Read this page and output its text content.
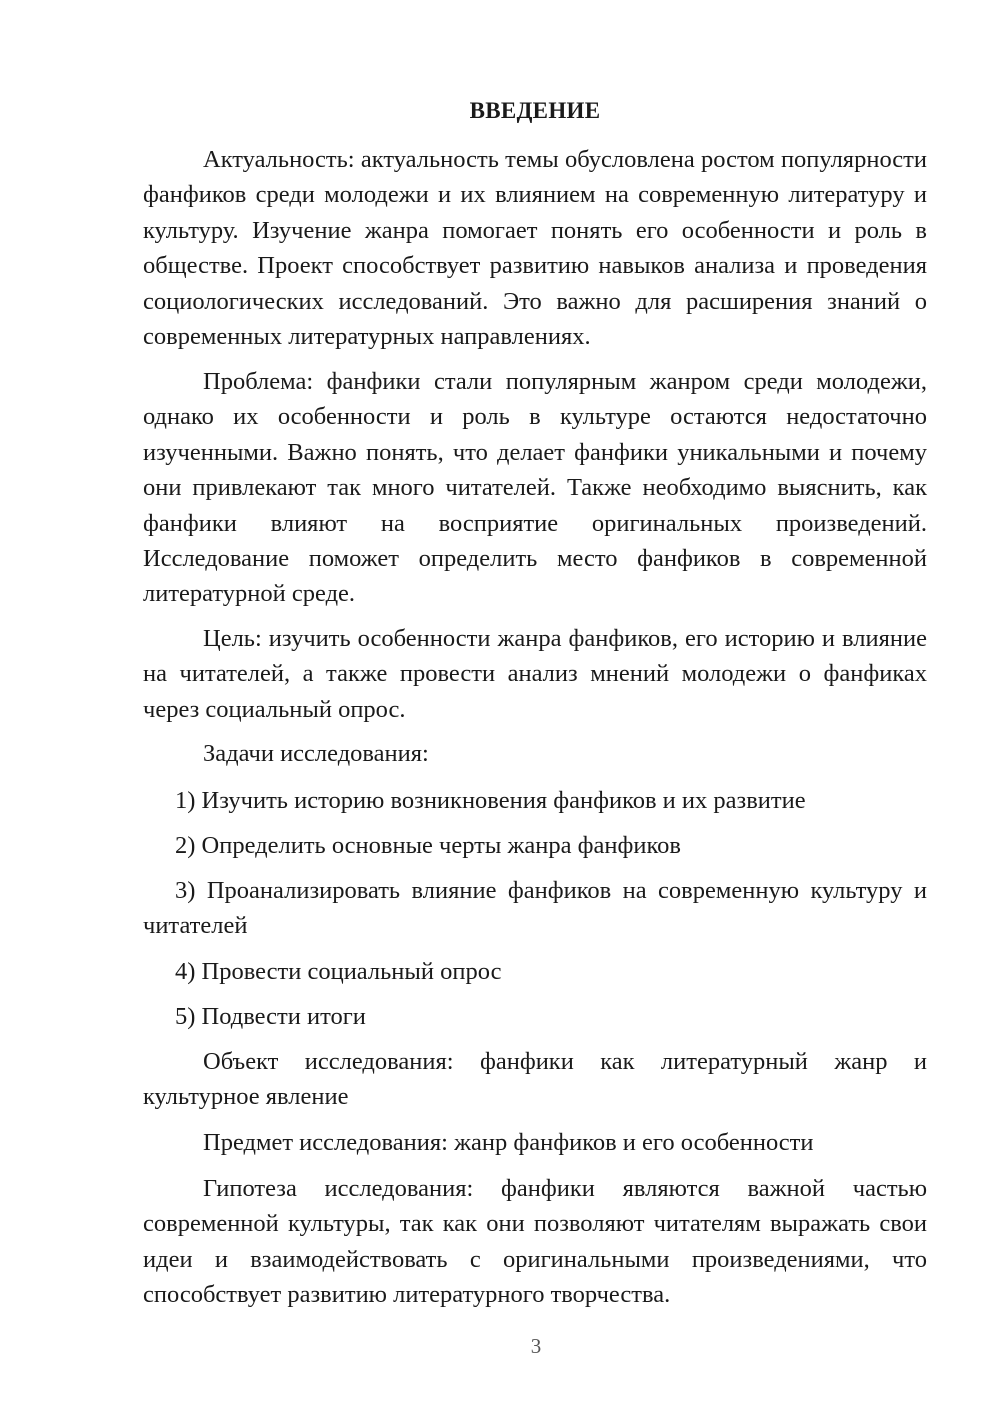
ВВЕДЕНИЕ

Актуальность: актуальность темы обусловлена ростом популярности фанфиков среди молодежи и их влиянием на современную литературу и культуру. Изучение жанра помогает понять его особенности и роль в обществе. Проект способствует развитию навыков анализа и проведения социологических исследований. Это важно для расширения знаний о современных литературных направлениях.

Проблема: фанфики стали популярным жанром среди молодежи, однако их особенности и роль в культуре остаются недостаточно изученными. Важно понять, что делает фанфики уникальными и почему они привлекают так много читателей. Также необходимо выяснить, как фанфики влияют на восприятие оригинальных произведений. Исследование поможет определить место фанфиков в современной литературной среде.

Цель: изучить особенности жанра фанфиков, его историю и влияние на читателей, а также провести анализ мнений молодежи о фанфиках через социальный опрос.

Задачи исследования:

1) Изучить историю возникновения фанфиков и их развитие

2) Определить основные черты жанра фанфиков

3) Проанализировать влияние фанфиков на современную культуру и читателей

4) Провести социальный опрос

5) Подвести итоги

Объект исследования: фанфики как литературный жанр и культурное явление

Предмет исследования: жанр фанфиков и его особенности

Гипотеза исследования: фанфики являются важной частью современной культуры, так как они позволяют читателям выражать свои идеи и взаимодействовать с оригинальными произведениями, что способствует развитию литературного творчества.

3
